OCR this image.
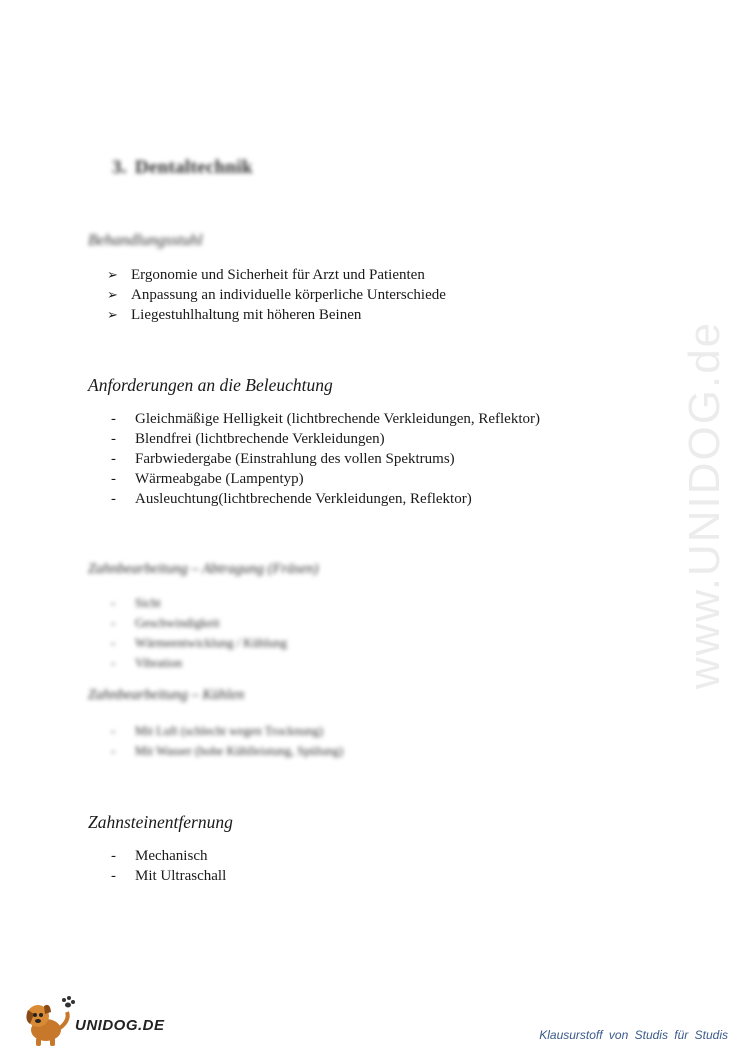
www.UNIDOG.de
3. Dentaltechnik
Behandlungsstuhl
➢ Ergonomie und Sicherheit für Arzt und Patienten
➢ Anpassung an individuelle körperliche Unterschiede
➢ Liegestuhlhaltung mit höheren Beinen
Anforderungen an die Beleuchtung
- Gleichmäßige Helligkeit (lichtbrechende Verkleidungen, Reflektor)
- Blendfrei (lichtbrechende Verkleidungen)
- Farbwiedergabe (Einstrahlung des vollen Spektrums)
- Wärmeabgabe (Lampentyp)
- Ausleuchtung(lichtbrechende Verkleidungen, Reflektor)
Zahnbearbeitung – Abtragung (Fräsen)
- Sicht
- Geschwindigkeit
- Wärmeentwicklung / Kühlung
- Vibration
Zahnbearbeitung – Kühlen
- Mit Luft (schlecht wegen Trocknung)
- Mit Wasser (hohe Kühlleistung, Spülung)
Zahnsteinentfernung
- Mechanisch
- Mit Ultraschall
UNIDOG.DE
Klausurstoff von Studis für Studis
